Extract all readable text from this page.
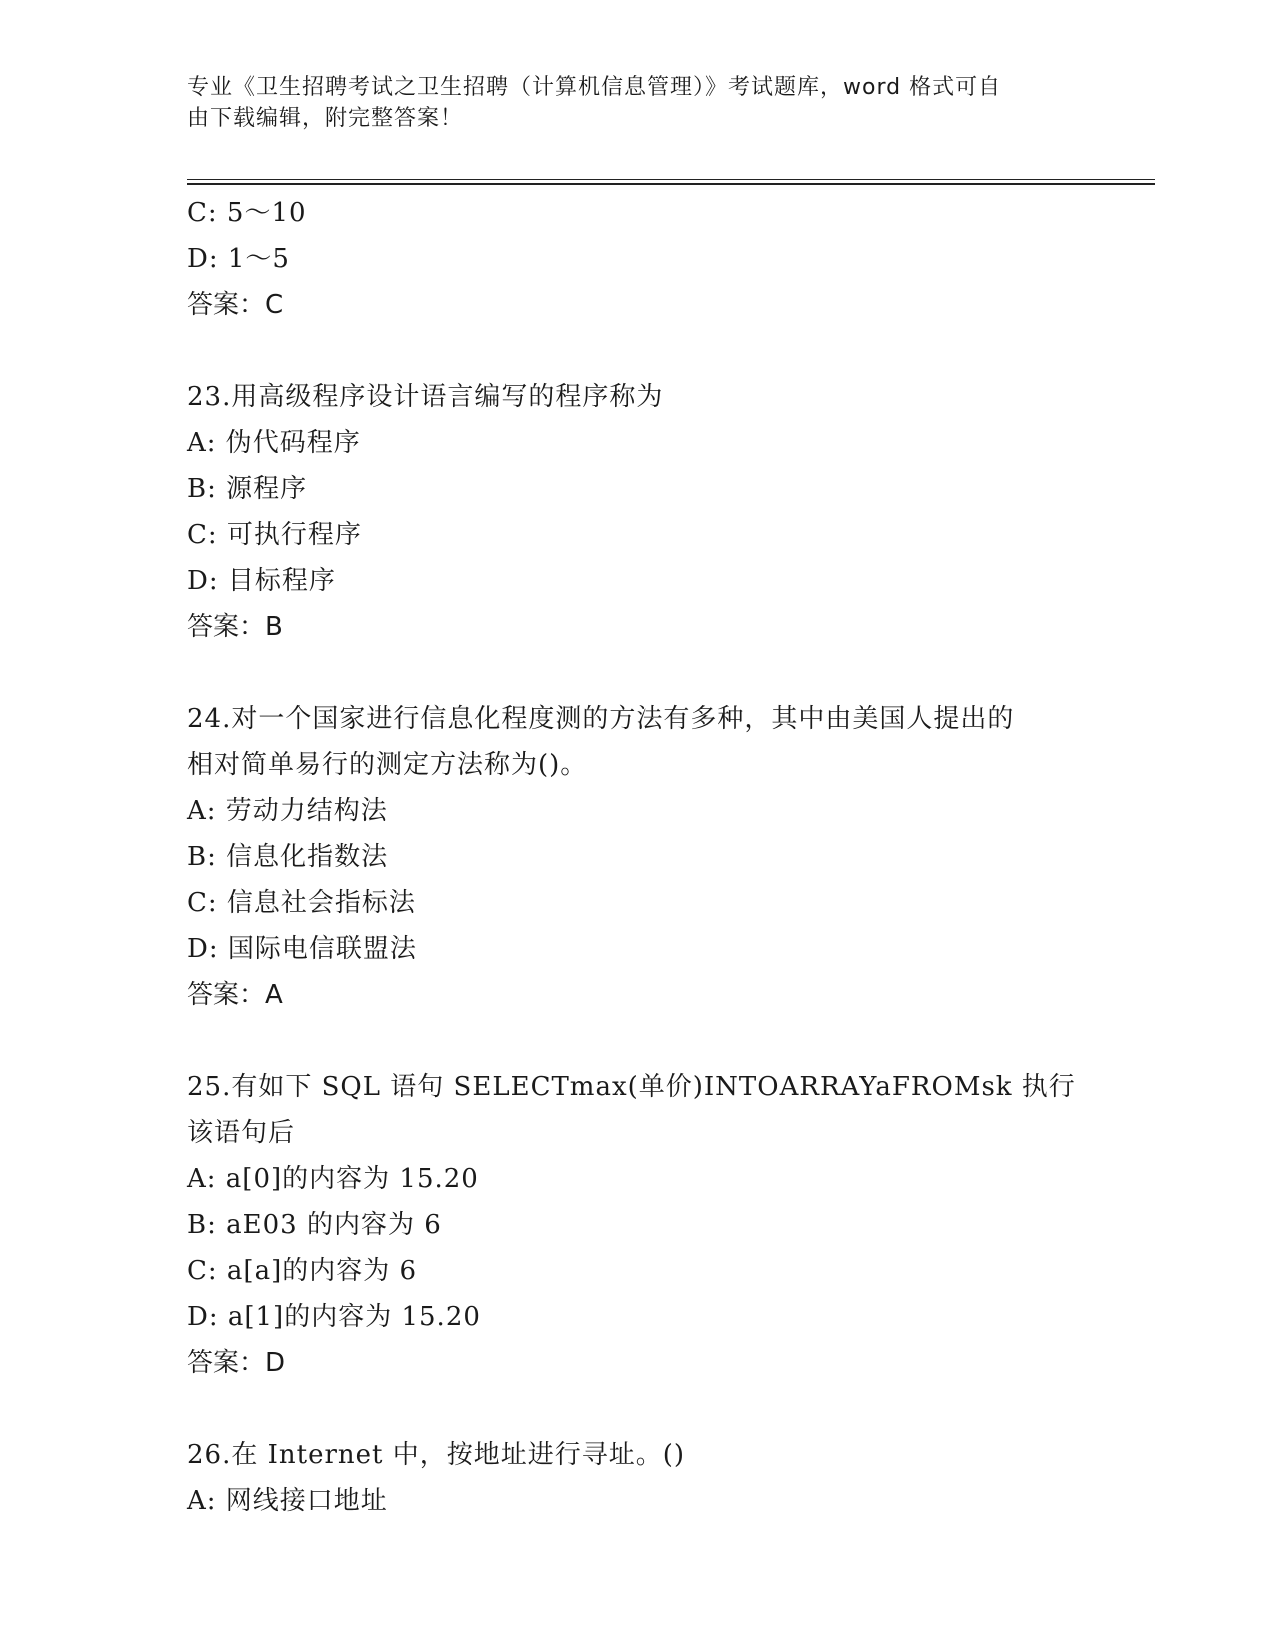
专业《卫生招聘考试之卫生招聘（计算机信息管理）》考试题库，word 格式可自
由下载编辑，附完整答案！
C: 5～10
D: 1～5
答案：C
23.用高级程序设计语言编写的程序称为
A: 伪代码程序
B: 源程序
C: 可执行程序
D: 目标程序
答案：B
24.对一个国家进行信息化程度测的方法有多种，其中由美国人提出的
相对简单易行的测定方法称为()。
A: 劳动力结构法
B: 信息化指数法
C: 信息社会指标法
D: 国际电信联盟法
答案：A
25.有如下 SQL 语句 SELECTmax(单价)INTOARRAYaFROMsk 执行该语句后
A: a[0]的内容为 15.20
B: aE03 的内容为 6
C: a[a]的内容为 6
D: a[1]的内容为 15.20
答案：D
26.在 Internet 中，按地址进行寻址。()
A: 网线接口地址
